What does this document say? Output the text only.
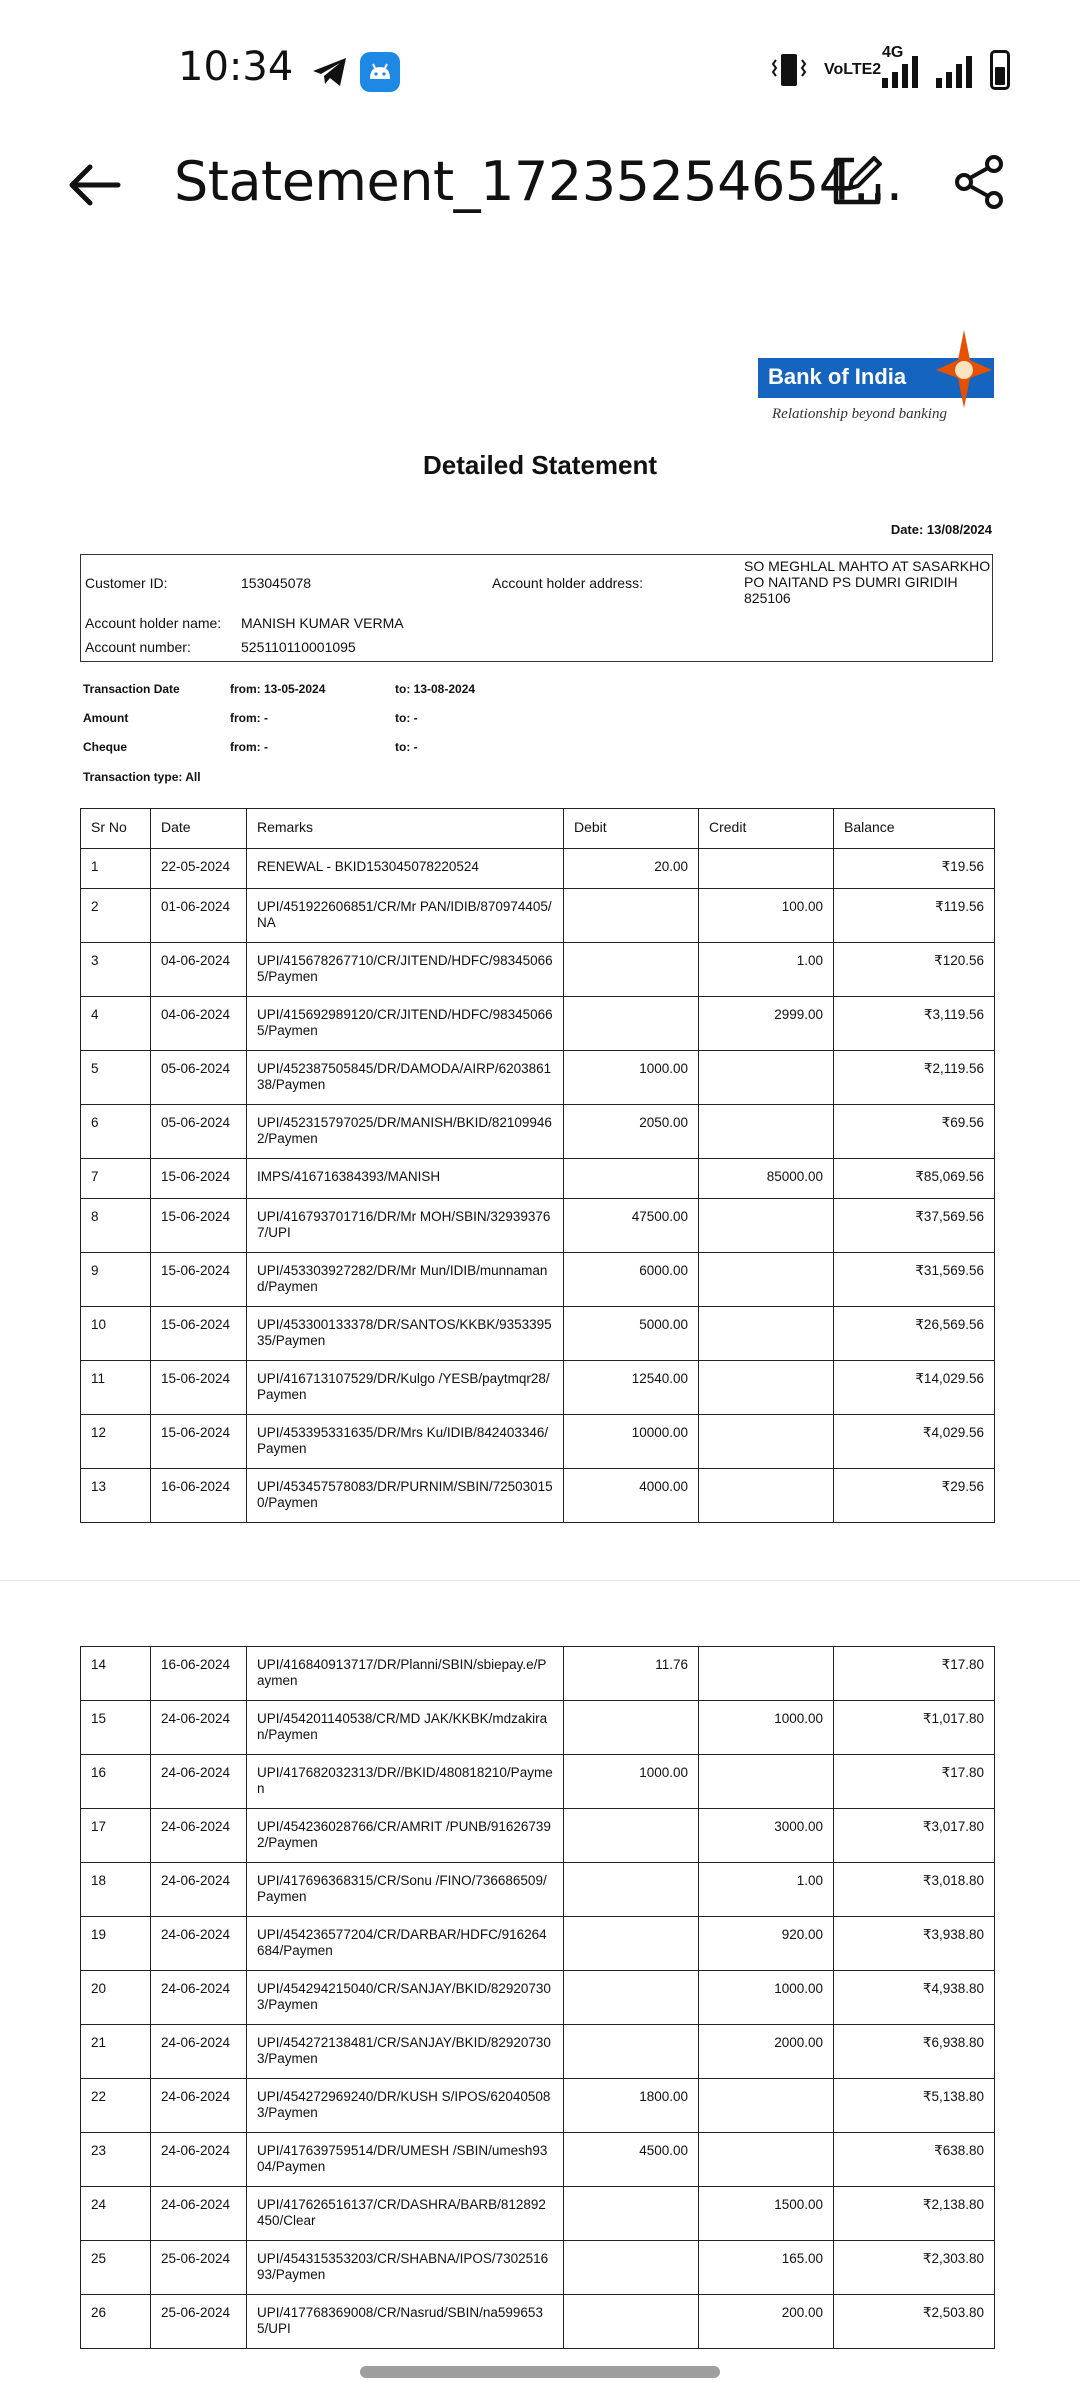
10:34	VoLTE2
4G
Statement_17235254654...
Bank of India
Relationship beyond banking
Detailed Statement
Date: 13/08/2024
Customer ID:	153045078	Account holder address:
SO MEGHLAL MAHTO AT SASARKHO PO NAITAND PS DUMRI GIRIDIH 825106
Account holder name: MANISH KUMAR VERMA
Account number:	525110110001095
Transaction Date	from: 13-05-2024	to: 13-08-2024
Amount	from: -	to: -
Cheque	from: -	to: -
Transaction type: All
Sr No	Date	Remarks	Debit	Credit	Balance
1	22-05-2024	RENEWAL - BKID153045078220524	20.00		₹19.56
2	01-06-2024	UPI/451922606851/CR/Mr PAN/IDIB/870974405/NA		100.00	₹119.56
3	04-06-2024	UPI/415678267710/CR/JITEND/HDFC/983450665/Paymen		1.00	₹120.56
4	04-06-2024	UPI/415692989120/CR/JITEND/HDFC/983450665/Paymen		2999.00	₹3,119.56
5	05-06-2024	UPI/452387505845/DR/DAMODA/AIRP/620386138/Paymen	1000.00		₹2,119.56
6	05-06-2024	UPI/452315797025/DR/MANISH/BKID/821099462/Paymen	2050.00		₹69.56
7	15-06-2024	IMPS/416716384393/MANISH		85000.00	₹85,069.56
8	15-06-2024	UPI/416793701716/DR/Mr MOH/SBIN/329393767/UPI	47500.00		₹37,569.56
9	15-06-2024	UPI/453303927282/DR/Mr Mun/IDIB/munnamand/Paymen	6000.00		₹31,569.56
10	15-06-2024	UPI/453300133378/DR/SANTOS/KKBK/935339535/Paymen	5000.00		₹26,569.56
11	15-06-2024	UPI/416713107529/DR/Kulgo /YESB/paytmqr28/Paymen	12540.00		₹14,029.56
12	15-06-2024	UPI/453395331635/DR/Mrs Ku/IDIB/842403346/Paymen	10000.00		₹4,029.56
13	16-06-2024	UPI/453457578083/DR/PURNIM/SBIN/725030150/Paymen	4000.00		₹29.56
14	16-06-2024	UPI/416840913717/DR/Planni/SBIN/sbiepay.e/Paymen	11.76		₹17.80
15	24-06-2024	UPI/454201140538/CR/MD JAK/KKBK/mdzakiran/Paymen		1000.00	₹1,017.80
16	24-06-2024	UPI/417682032313/DR//BKID/480818210/Paymen	1000.00		₹17.80
17	24-06-2024	UPI/454236028766/CR/AMRIT /PUNB/916267392/Paymen		3000.00	₹3,017.80
18	24-06-2024	UPI/417696368315/CR/Sonu /FINO/736686509/Paymen		1.00	₹3,018.80
19	24-06-2024	UPI/454236577204/CR/DARBAR/HDFC/916264684/Paymen		920.00	₹3,938.80
20	24-06-2024	UPI/454294215040/CR/SANJAY/BKID/829207303/Paymen		1000.00	₹4,938.80
21	24-06-2024	UPI/454272138481/CR/SANJAY/BKID/829207303/Paymen		2000.00	₹6,938.80
22	24-06-2024	UPI/454272969240/DR/KUSH S/IPOS/620405083/Paymen	1800.00		₹5,138.80
23	24-06-2024	UPI/417639759514/DR/UMESH /SBIN/umesh9304/Paymen	4500.00		₹638.80
24	24-06-2024	UPI/417626516137/CR/DASHRA/BARB/812892450/Clear		1500.00	₹2,138.80
25	25-06-2024	UPI/454315353203/CR/SHABNA/IPOS/730251693/Paymen		165.00	₹2,303.80
26	25-06-2024	UPI/417768369008/CR/Nasrud/SBIN/na5996535/UPI		200.00	₹2,503.80
